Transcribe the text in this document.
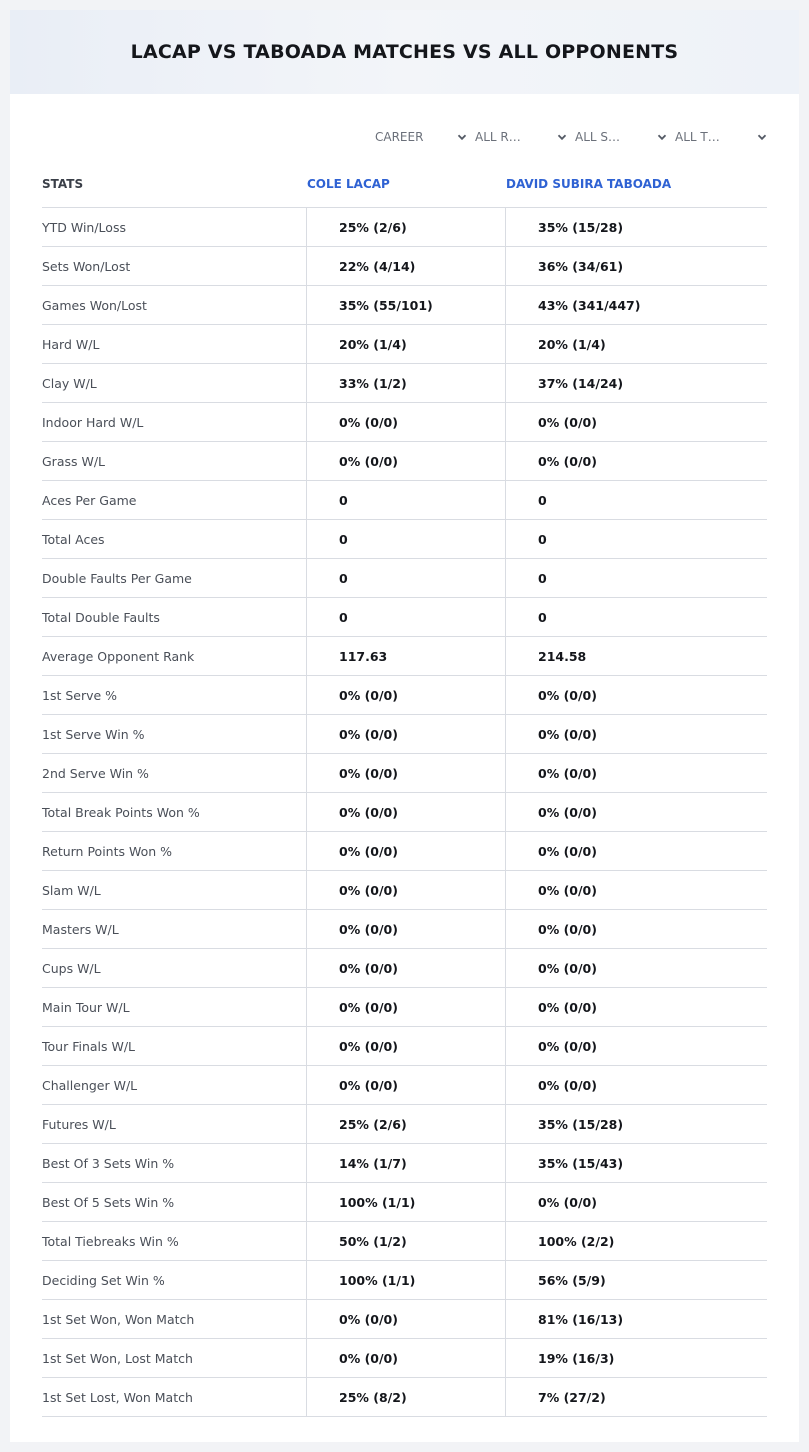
LACAP VS TABOADA MATCHES VS ALL OPPONENTS
CAREER	ALL R…	ALL S…	ALL T…
STATS	COLE LACAP	DAVID SUBIRA TABOADA
YTD Win/Loss	25% (2/6)	35% (15/28)
Sets Won/Lost	22% (4/14)	36% (34/61)
Games Won/Lost	35% (55/101)	43% (341/447)
Hard W/L	20% (1/4)	20% (1/4)
Clay W/L	33% (1/2)	37% (14/24)
Indoor Hard W/L	0% (0/0)	0% (0/0)
Grass W/L	0% (0/0)	0% (0/0)
Aces Per Game	0	0
Total Aces	0	0
Double Faults Per Game	0	0
Total Double Faults	0	0
Average Opponent Rank	117.63	214.58
1st Serve %	0% (0/0)	0% (0/0)
1st Serve Win %	0% (0/0)	0% (0/0)
2nd Serve Win %	0% (0/0)	0% (0/0)
Total Break Points Won %	0% (0/0)	0% (0/0)
Return Points Won %	0% (0/0)	0% (0/0)
Slam W/L	0% (0/0)	0% (0/0)
Masters W/L	0% (0/0)	0% (0/0)
Cups W/L	0% (0/0)	0% (0/0)
Main Tour W/L	0% (0/0)	0% (0/0)
Tour Finals W/L	0% (0/0)	0% (0/0)
Challenger W/L	0% (0/0)	0% (0/0)
Futures W/L	25% (2/6)	35% (15/28)
Best Of 3 Sets Win %	14% (1/7)	35% (15/43)
Best Of 5 Sets Win %	100% (1/1)	0% (0/0)
Total Tiebreaks Win %	50% (1/2)	100% (2/2)
Deciding Set Win %	100% (1/1)	56% (5/9)
1st Set Won, Won Match	0% (0/0)	81% (16/13)
1st Set Won, Lost Match	0% (0/0)	19% (16/3)
1st Set Lost, Won Match	25% (8/2)	7% (27/2)
